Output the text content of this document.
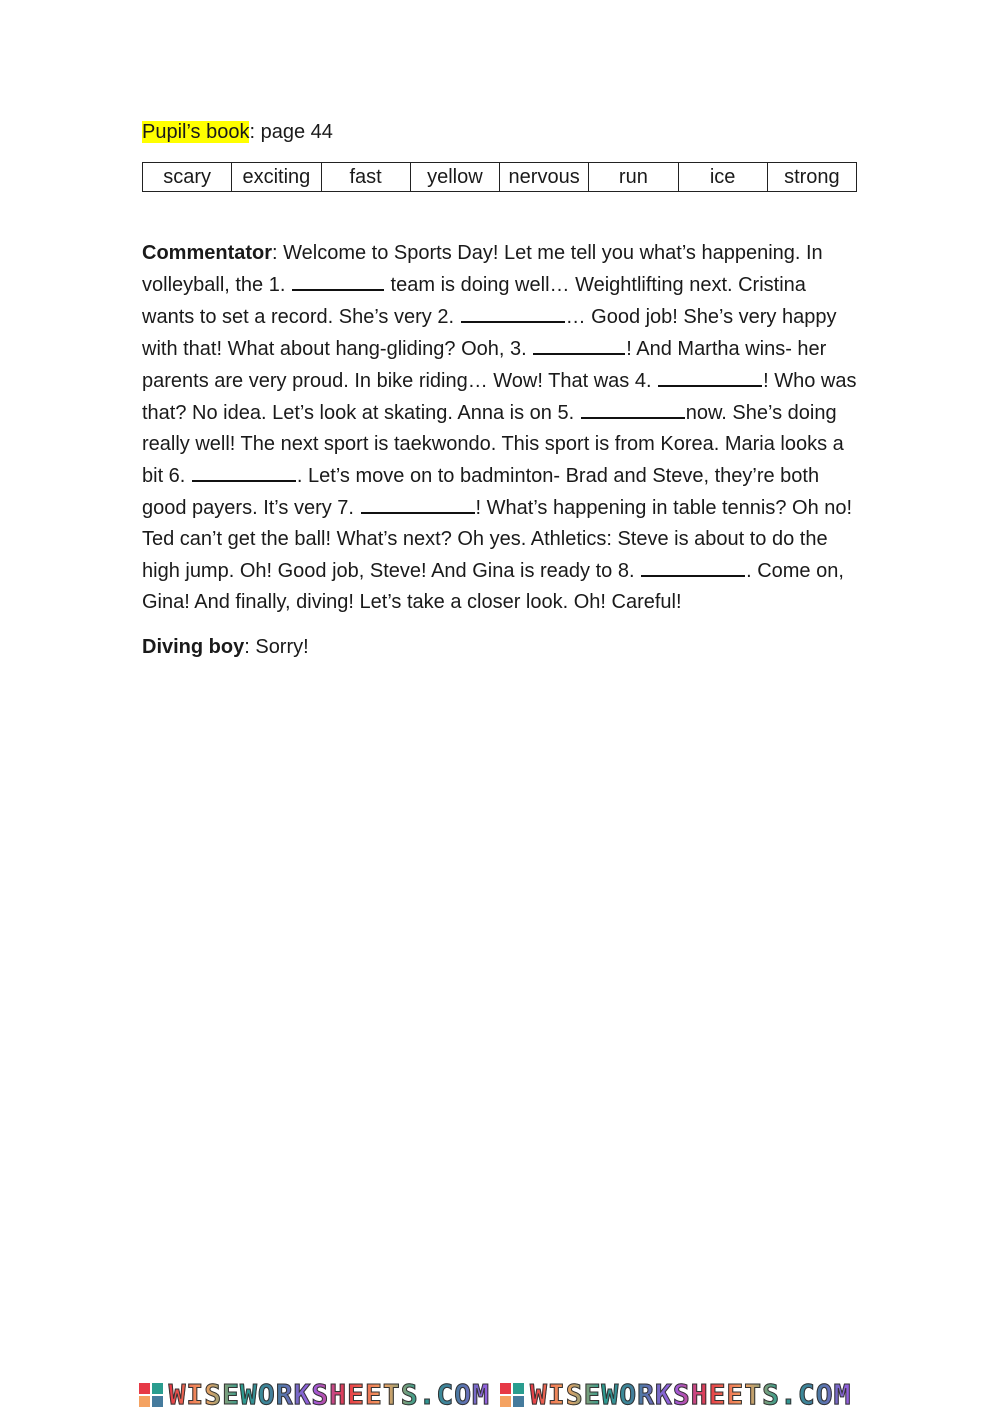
Pupil’s book: page 44
scary	exciting	fast	yellow	nervous	run	ice	strong

Commentator: Welcome to Sports Day! Let me tell you what’s happening. In volleyball, the 1.	team is doing well… Weightlifting next. Cristina wants to set a record. She’s very 2.	… Good job! She’s very happy with that! What about hang-gliding? Ooh, 3.	! And Martha wins- her parents are very proud. In bike riding… Wow! That was 4.	! Who was that? No idea. Let’s look at skating. Anna is on 5.	now. She’s doing really well! The next sport is taekwondo. This sport is from Korea. Maria looks a bit 6.	. Let’s move on to badminton- Brad and Steve, they’re both good payers. It’s very 7.	! What’s happening in table tennis? Oh no! Ted can’t get the ball! What’s next? Oh yes. Athletics: Steve is about to do the high jump. Oh! Good job, Steve! And Gina is ready to 8.	. Come on, Gina! And finally, diving! Let’s take a closer look. Oh! Careful!

Diving boy: Sorry!

WISEWORKSHEETS.COM WISEWORKSHEETS.COM
